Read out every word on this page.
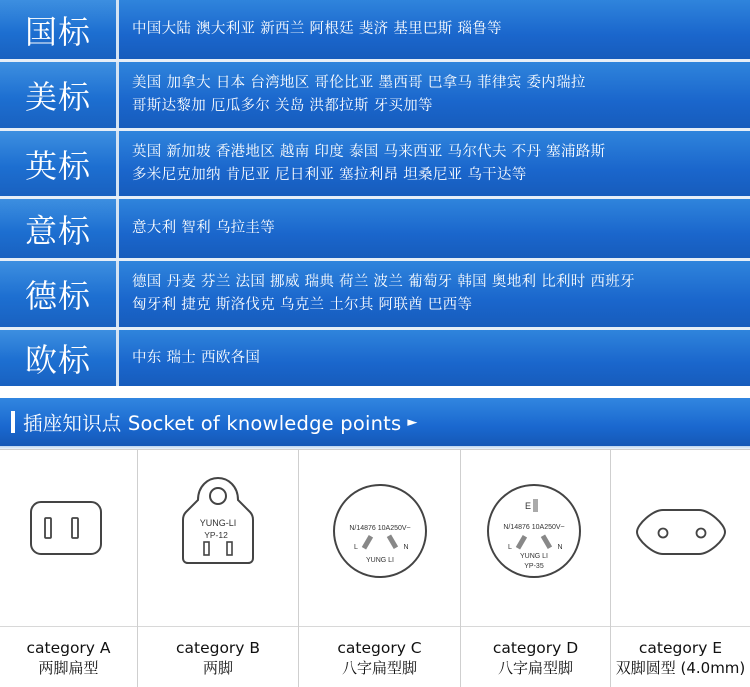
国标	中国大陆 澳大利亚 新西兰 阿根廷 斐济 基里巴斯 瑙鲁等
美标	美国 加拿大 日本 台湾地区 哥伦比亚 墨西哥 巴拿马 菲律宾 委内瑞拉
哥斯达黎加 厄瓜多尔 关岛 洪都拉斯 牙买加等
英标	英国 新加坡 香港地区 越南 印度 泰国 马来西亚 马尔代夫 不丹 塞浦路斯
多米尼克加纳 肯尼亚 尼日利亚 塞拉利昂 坦桑尼亚 乌干达等
意标	意大利 智利 乌拉圭等
德标	德国 丹麦 芬兰 法国 挪威 瑞典 荷兰 波兰 葡萄牙 韩国 奥地利 比利时 西班牙
匈牙利 捷克 斯洛伐克 乌克兰 土尔其 阿联酋 巴西等
欧标	中东 瑞士 西欧各国
插座知识点 Socket of knowledge points ►
category A
两脚扁型
YUNG-LI
YP-12
category B
两脚
N/14876 10A250V~
L	N
YUNG LI
category C
八字扁型脚
E
N/14876 10A250V~
L	N
YUNG LI
YP-35
category D
八字扁型脚
category E
双脚圆型 (4.0mm)
